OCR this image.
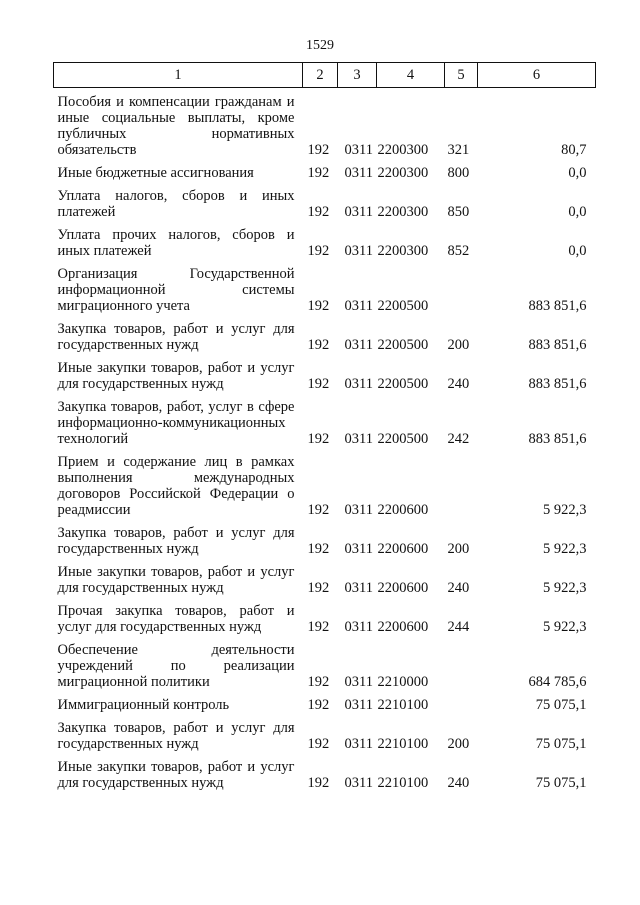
1529
1	2	3	4	5	6
Пособия и компенсации гражданам и иные социальные выплаты, кроме публичных нормативных обязательств	192	0311	2200300	321	80,7
Иные бюджетные ассигнования	192	0311	2200300	800	0,0
Уплата налогов, сборов и иных платежей	192	0311	2200300	850	0,0
Уплата прочих налогов, сборов и иных платежей	192	0311	2200300	852	0,0
Организация Государственной информационной системы миграционного учета	192	0311	2200500		883 851,6
Закупка товаров, работ и услуг для государственных нужд	192	0311	2200500	200	883 851,6
Иные закупки товаров, работ и услуг для государственных нужд	192	0311	2200500	240	883 851,6
Закупка товаров, работ, услуг в сфере информационно-коммуникационных технологий	192	0311	2200500	242	883 851,6
Прием и содержание лиц в рамках выполнения международных договоров Российской Федерации о реадмиссии	192	0311	2200600		5 922,3
Закупка товаров, работ и услуг для государственных нужд	192	0311	2200600	200	5 922,3
Иные закупки товаров, работ и услуг для государственных нужд	192	0311	2200600	240	5 922,3
Прочая закупка товаров, работ и услуг для государственных нужд	192	0311	2200600	244	5 922,3
Обеспечение деятельности учреждений по реализации миграционной политики	192	0311	2210000		684 785,6
Иммиграционный контроль	192	0311	2210100		75 075,1
Закупка товаров, работ и услуг для государственных нужд	192	0311	2210100	200	75 075,1
Иные закупки товаров, работ и услуг для государственных нужд	192	0311	2210100	240	75 075,1
